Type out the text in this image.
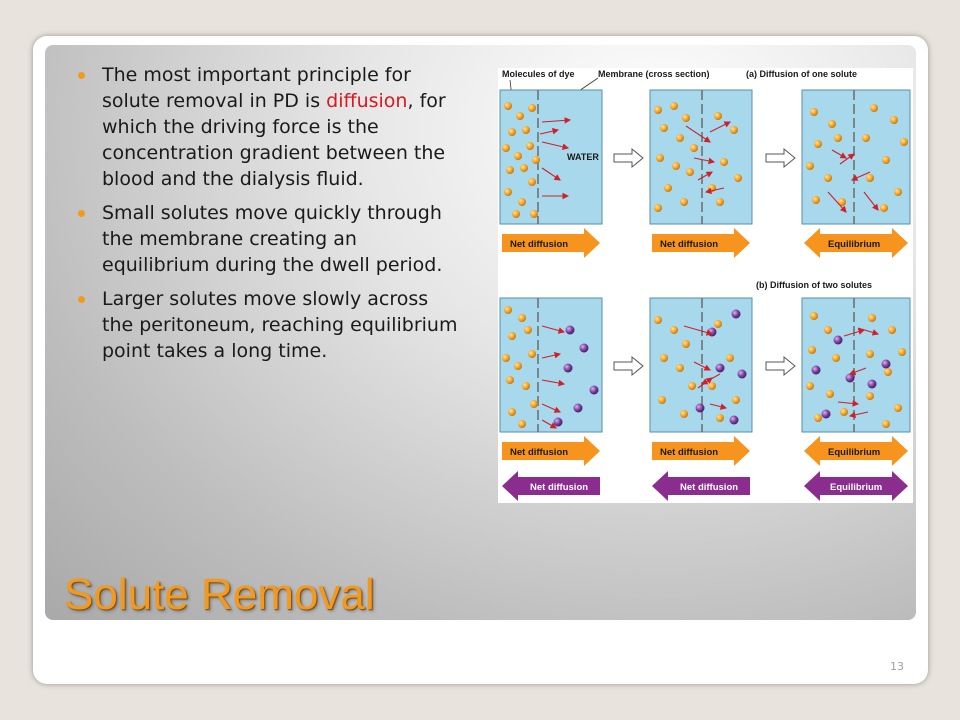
The most important principle for solute removal in PD is diffusion, for which the driving force is the concentration gradient between the blood and the dialysis fluid.
Small solutes move quickly through the membrane creating an equilibrium during the dwell period.
Larger solutes move slowly across the peritoneum, reaching equilibrium point takes a long time.
Molecules of dye	Membrane (cross section)	(a) Diffusion of one solute
(b) Diffusion of two solutes
WATER
Net diffusion	Net diffusion	Equilibrium
Net diffusion	Net diffusion	Equilibrium
Net diffusion	Net diffusion	Equilibrium
Solute Removal
13
